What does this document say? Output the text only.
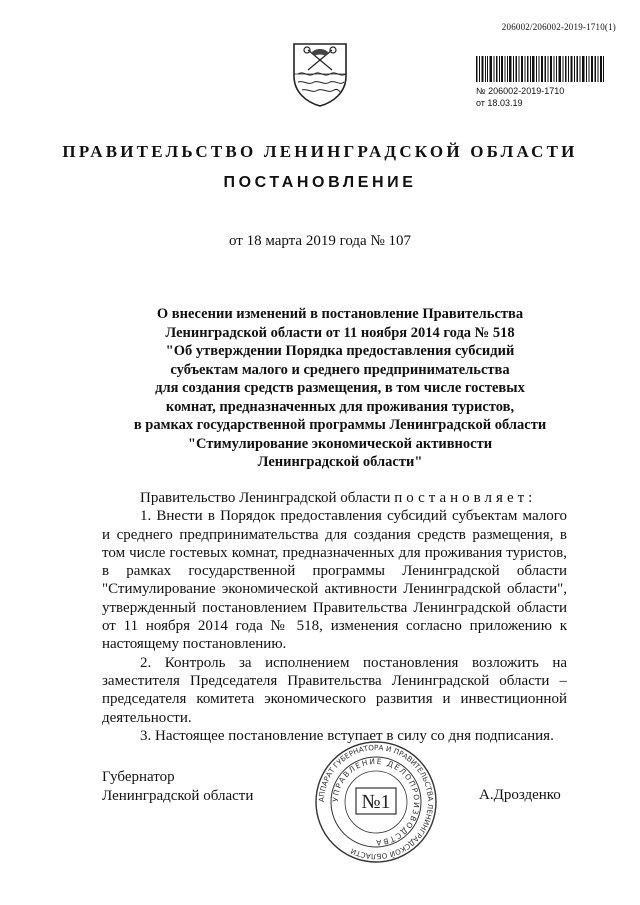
206002/206002-2019-1710(1)
№ 206002-2019-1710
от 18.03.19
ПРАВИТЕЛЬСТВО ЛЕНИНГРАДСКОЙ ОБЛАСТИ
ПОСТАНОВЛЕНИЕ
от 18 марта 2019 года № 107
О внесении изменений в постановление Правительства
Ленинградской области от 11 ноября 2014 года № 518
"Об утверждении Порядка предоставления субсидий
субъектам малого и среднего предпринимательства
для создания средств размещения, в том числе гостевых
комнат, предназначенных для проживания туристов,
в рамках государственной программы Ленинградской области
"Стимулирование экономической активности
Ленинградской области"

Правительство Ленинградской области постановляет:

1. Внести в Порядок предоставления субсидий субъектам малого и среднего предпринимательства для создания средств размещения, в том числе гостевых комнат, предназначенных для проживания туристов, в рамках государственной программы Ленинградской области "Стимулирование экономической активности Ленинградской области", утвержденный постановлением Правительства Ленинградской области от 11 ноября 2014 года № 518, изменения согласно приложению к настоящему постановлению.

2. Контроль за исполнением постановления возложить на заместителя Председателя Правительства Ленинградской области – председателя комитета экономического развития и инвестиционной деятельности.

3. Настоящее постановление вступает в силу со дня подписания.

Губернатор
Ленинградской области	А.Дрозденко
АППАРАТ ГУБЕРНАТОРА И ПРАВИТЕЛЬСТВА ЛЕНИНГРАДСКОЙ ОБЛАСТИ
УПРАВЛЕНИЕ ДЕЛОПРОИЗВОДСТВА
№1
